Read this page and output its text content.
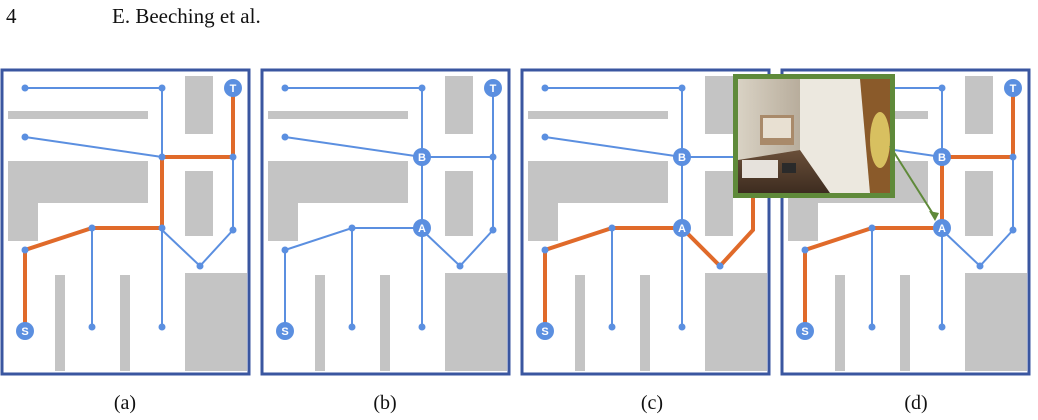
4	E. Beeching et al.
S
T
B
A
S
T
B
A
S
B
A
S
T
(a)	(b)	(c)	(d)
